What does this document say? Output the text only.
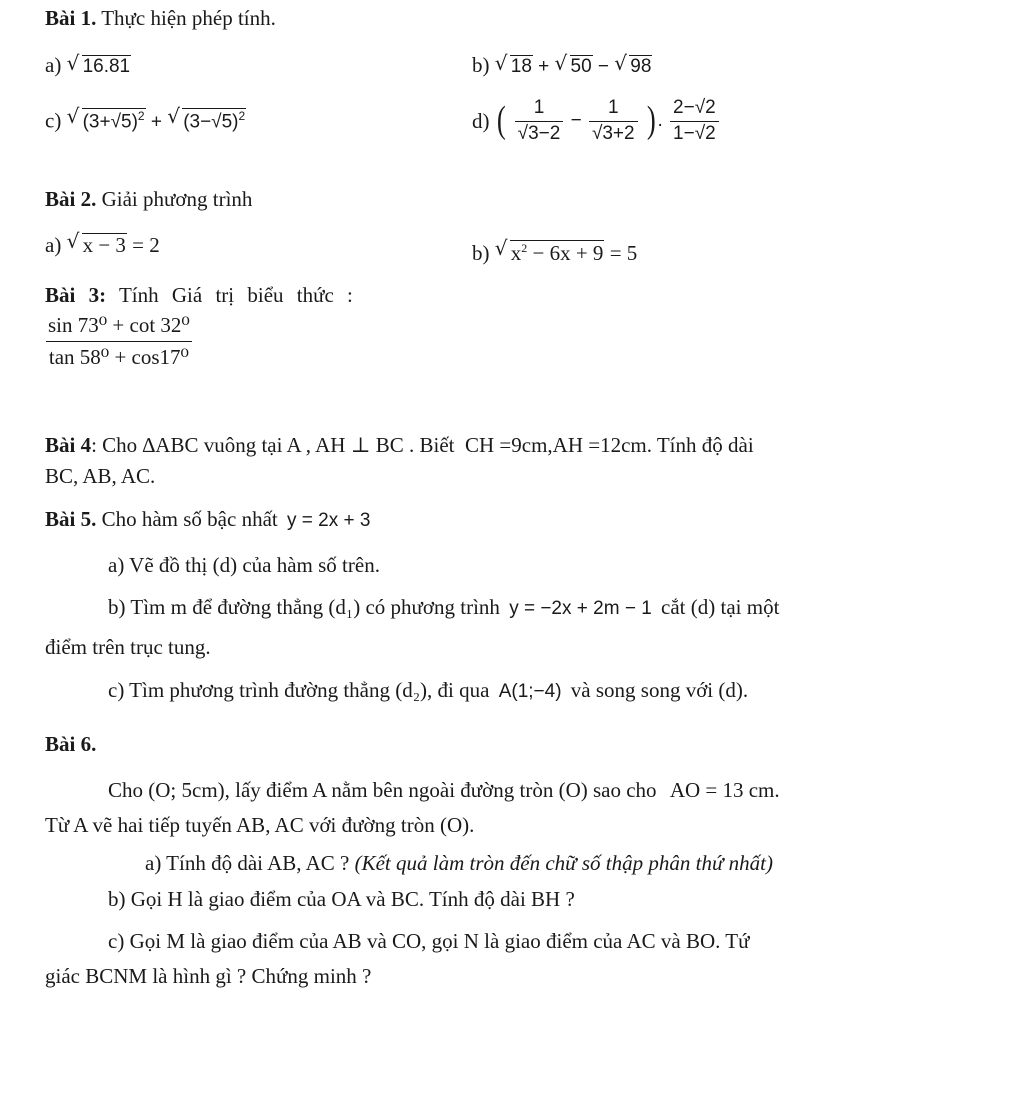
Bài 1. Thực hiện phép tính.
a) √ 16.81	b) √ 18 + √ 50 − √ 98
c) √ $(3+√5)^2$ + √ $(3-√5)^2$	d) ( $\frac{1}{√3-2} - \frac{1}{√3+2}$ ). $\frac{2-√2}{1-√2}$
Bài 2. Giải phương trình
a) √ x − 3 = 2	b) √ $x^2 - 6x + 9 = 5$
Bài 3: Tính Giá trị biểu thức :
$\frac{\text{sin 73⁰ + cot 32⁰}}{\text{tan 58⁰ + cos17⁰}}$
Bài 4: Cho ∆ABC vuông tại A , AH ⊥ BC . Biết  CH =9cm,AH =12cm. Tính độ dài
BC, AB, AC.
Bài 5. Cho hàm số bậc nhất y = 2x + 3
a) Vẽ đồ thị (d) của hàm số trên.
b) Tìm m để đường thẳng (d₁) có phương trình y = −2x + 2m − 1 cắt (d) tại một
điểm trên trục tung.
c) Tìm phương trình đường thẳng (d₂), đi qua A(1;−4) và song song với (d).
Bài 6.
Cho (O; 5cm), lấy điểm A nằm bên ngoài đường tròn (O) sao cho AO = 13 cm.
Từ A vẽ hai tiếp tuyến AB, AC với đường tròn (O).
a) Tính độ dài AB, AC ? (Kết quả làm tròn đến chữ số thập phân thứ nhất)
b) Gọi H là giao điểm của OA và BC. Tính độ dài BH ?
c) Gọi M là giao điểm của AB và CO, gọi N là giao điểm của AC và BO. Tứ
giác BCNM là hình gì ? Chứng minh ?
